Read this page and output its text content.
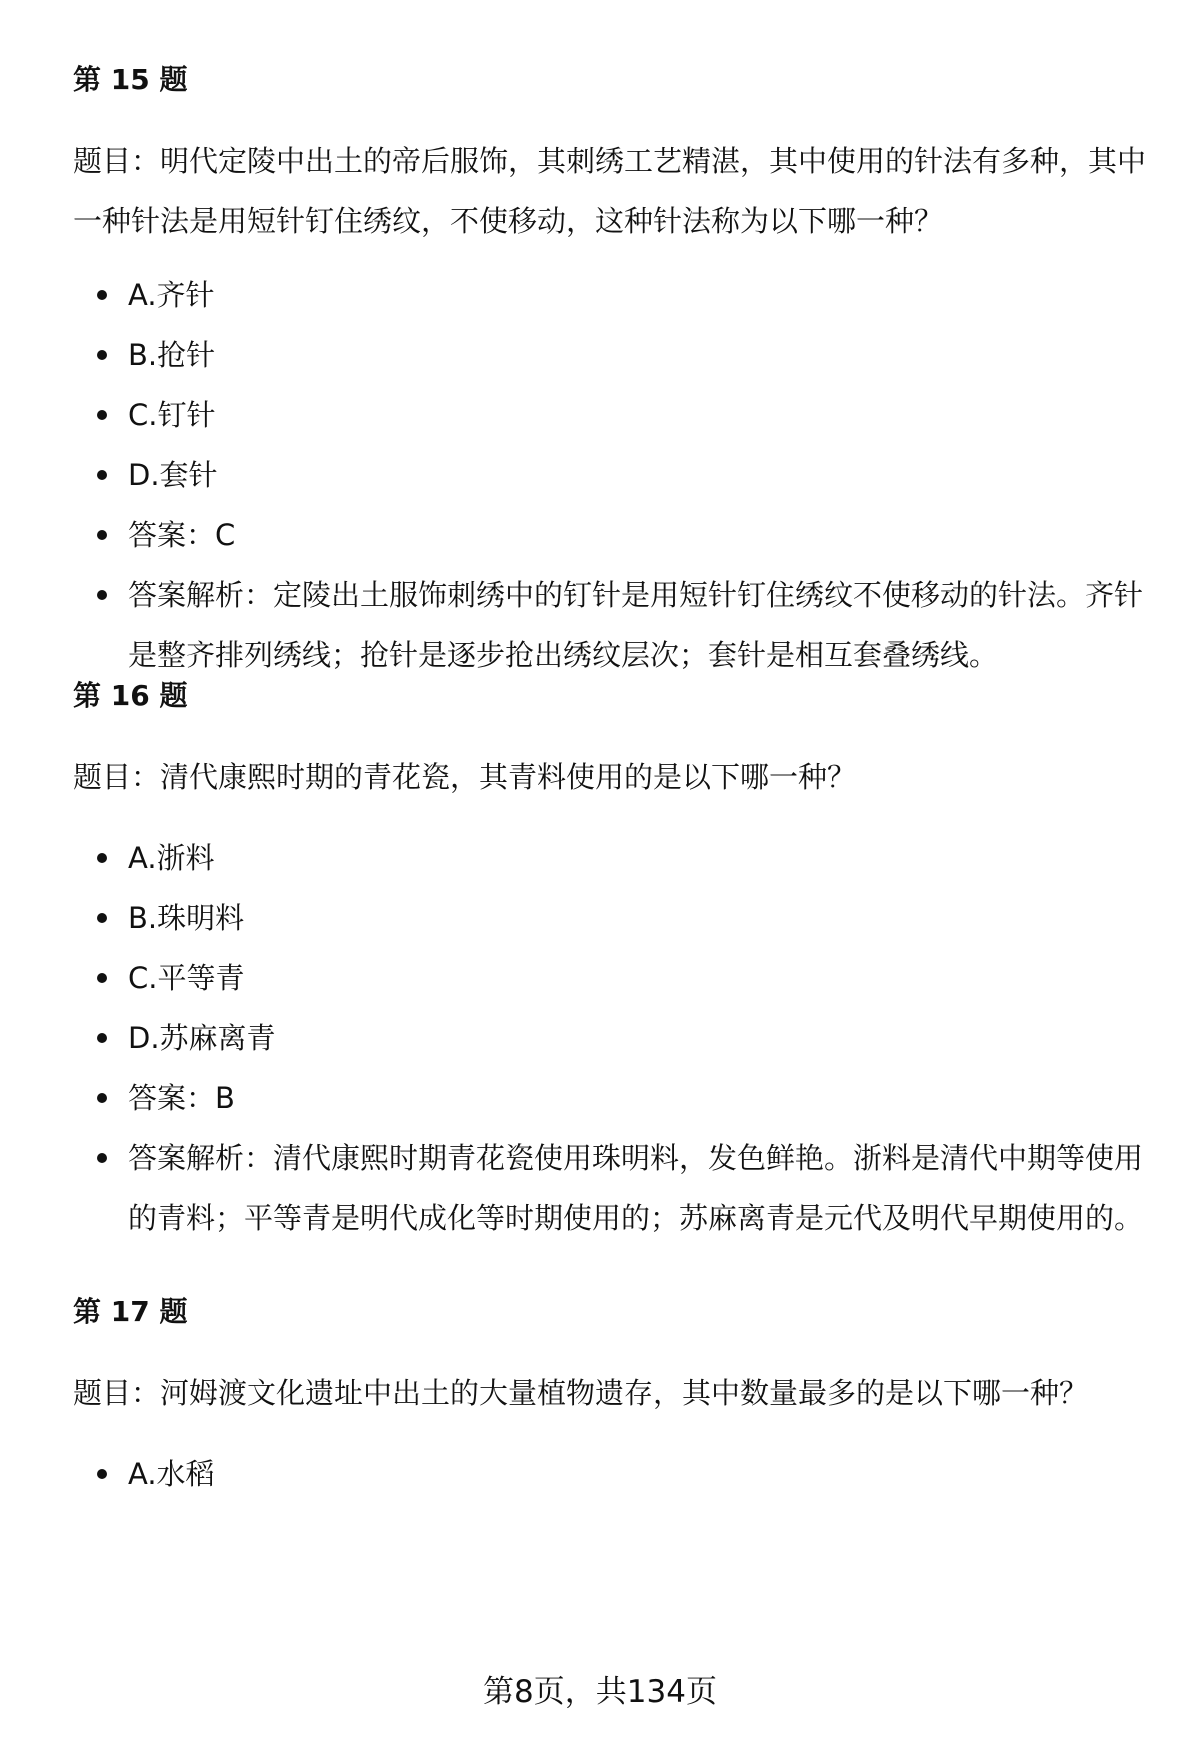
第 15 题

题目：明代定陵中出土的帝后服饰，其刺绣工艺精湛，其中使用的针法有多种，其中一种针法是用短针钉住绣纹，不使移动，这种针法称为以下哪一种？

A.齐针
B.抢针
C.钉针
D.套针
答案：C
答案解析：定陵出土服饰刺绣中的钉针是用短针钉住绣纹不使移动的针法。齐针是整齐排列绣线；抢针是逐步抢出绣纹层次；套针是相互套叠绣线。
第 16 题

题目：清代康熙时期的青花瓷，其青料使用的是以下哪一种？

A.浙料
B.珠明料
C.平等青
D.苏麻离青
答案：B
答案解析：清代康熙时期青花瓷使用珠明料，发色鲜艳。浙料是清代中期等使用的青料；平等青是明代成化等时期使用的；苏麻离青是元代及明代早期使用的。
第 17 题

题目：河姆渡文化遗址中出土的大量植物遗存，其中数量最多的是以下哪一种？

A.水稻
第8页，共134页
